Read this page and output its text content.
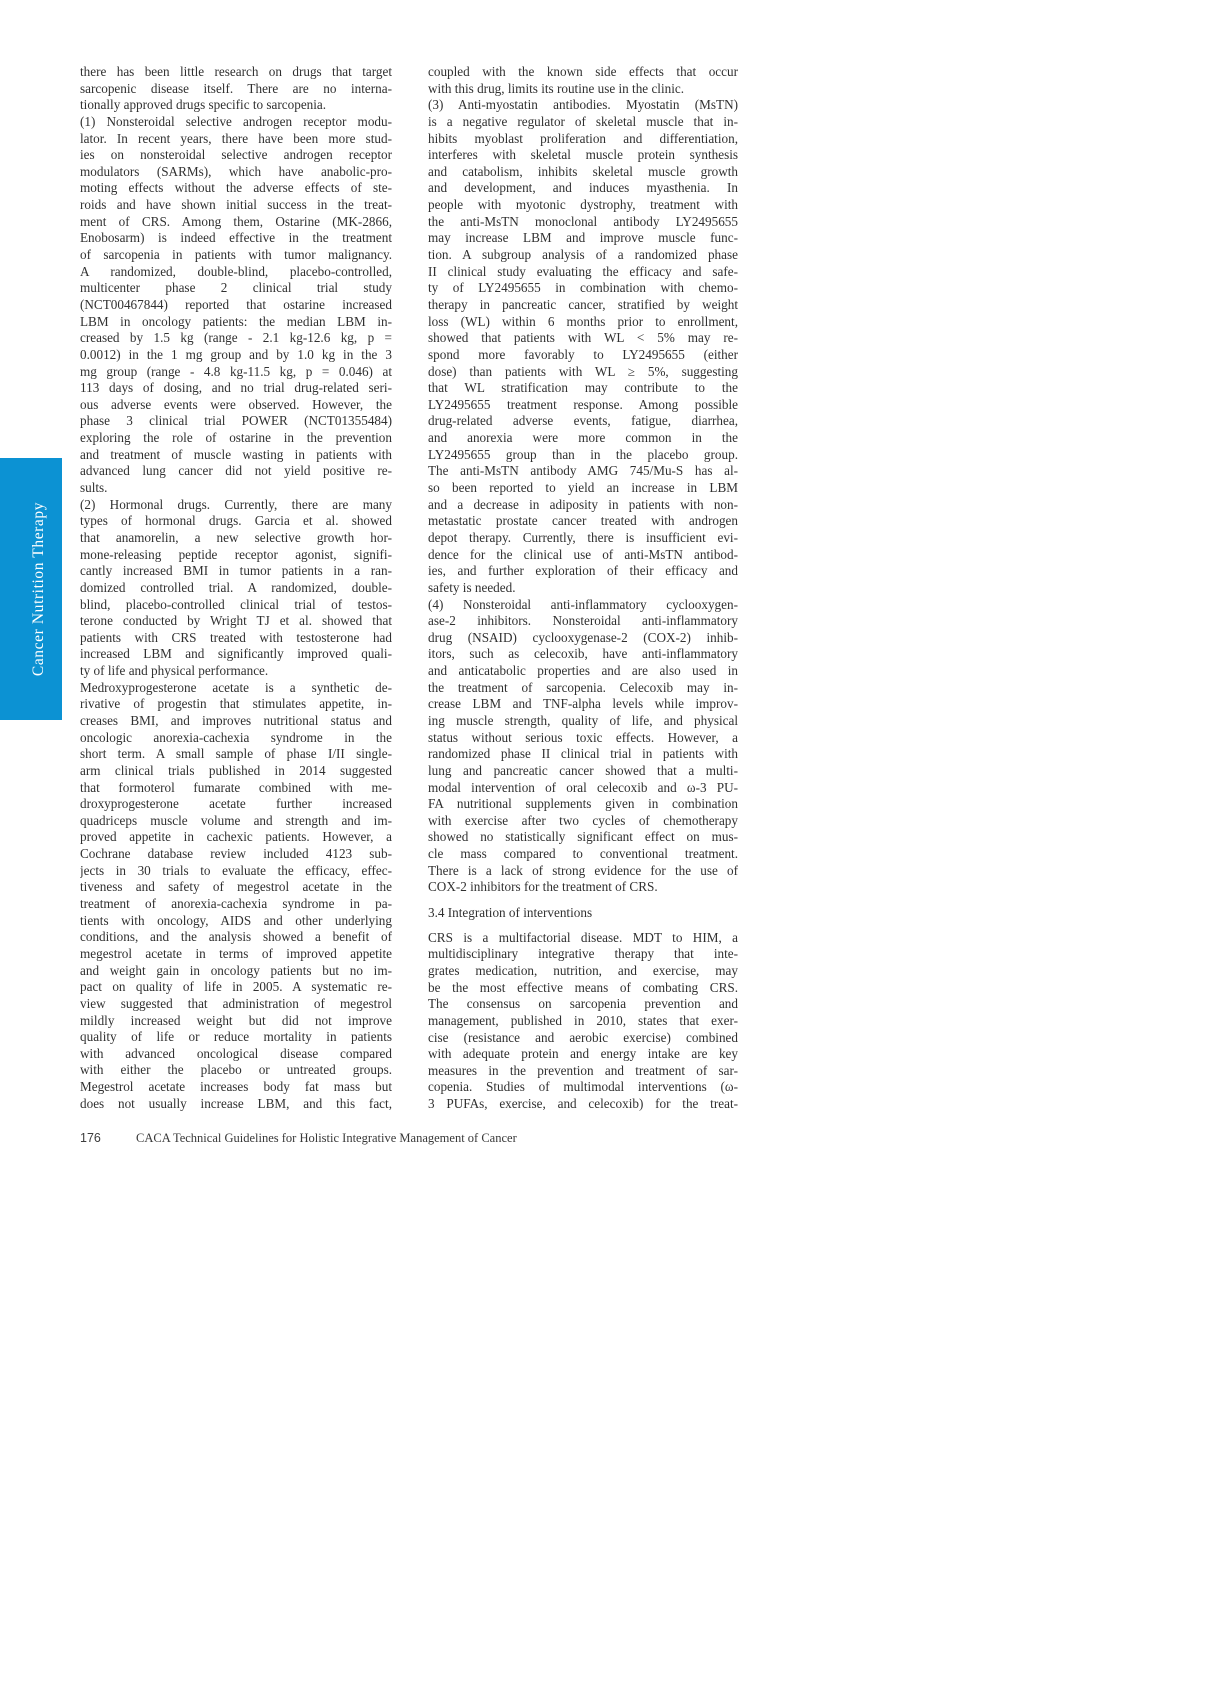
Cancer Nutrition Therapy
there has been little research on drugs that target
sarcopenic disease itself. There are no interna-
tionally approved drugs specific to sarcopenia.
(1) Nonsteroidal selective androgen receptor modu-
lator. In recent years, there have been more stud-
ies on nonsteroidal selective androgen receptor
modulators (SARMs), which have anabolic-pro-
moting effects without the adverse effects of ste-
roids and have shown initial success in the treat-
ment of CRS. Among them, Ostarine (MK-2866,
Enobosarm) is indeed effective in the treatment
of sarcopenia in patients with tumor malignancy.
A randomized, double-blind, placebo-controlled,
multicenter phase 2 clinical trial study
(NCT00467844) reported that ostarine increased
LBM in oncology patients: the median LBM in-
creased by 1.5 kg (range - 2.1 kg-12.6 kg, p =
0.0012) in the 1 mg group and by 1.0 kg in the 3
mg group (range - 4.8 kg-11.5 kg, p = 0.046) at
113 days of dosing, and no trial drug-related seri-
ous adverse events were observed. However, the
phase 3 clinical trial POWER (NCT01355484)
exploring the role of ostarine in the prevention
and treatment of muscle wasting in patients with
advanced lung cancer did not yield positive re-
sults.
(2) Hormonal drugs. Currently, there are many
types of hormonal drugs. Garcia et al. showed
that anamorelin, a new selective growth hor-
mone-releasing peptide receptor agonist, signifi-
cantly increased BMI in tumor patients in a ran-
domized controlled trial. A randomized, double-
blind, placebo-controlled clinical trial of testos-
terone conducted by Wright TJ et al. showed that
patients with CRS treated with testosterone had
increased LBM and significantly improved quali-
ty of life and physical performance.
Medroxyprogesterone acetate is a synthetic de-
rivative of progestin that stimulates appetite, in-
creases BMI, and improves nutritional status and
oncologic anorexia-cachexia syndrome in the
short term. A small sample of phase I/II single-
arm clinical trials published in 2014 suggested
that formoterol fumarate combined with me-
droxyprogesterone acetate further increased
quadriceps muscle volume and strength and im-
proved appetite in cachexic patients. However, a
Cochrane database review included 4123 sub-
jects in 30 trials to evaluate the efficacy, effec-
tiveness and safety of megestrol acetate in the
treatment of anorexia-cachexia syndrome in pa-
tients with oncology, AIDS and other underlying
conditions, and the analysis showed a benefit of
megestrol acetate in terms of improved appetite
and weight gain in oncology patients but no im-
pact on quality of life in 2005. A systematic re-
view suggested that administration of megestrol
mildly increased weight but did not improve
quality of life or reduce mortality in patients
with advanced oncological disease compared
with either the placebo or untreated groups.
Megestrol acetate increases body fat mass but
does not usually increase LBM, and this fact,
coupled with the known side effects that occur
with this drug, limits its routine use in the clinic.
(3) Anti-myostatin antibodies. Myostatin (MsTN)
is a negative regulator of skeletal muscle that in-
hibits myoblast proliferation and differentiation,
interferes with skeletal muscle protein synthesis
and catabolism, inhibits skeletal muscle growth
and development, and induces myasthenia. In
people with myotonic dystrophy, treatment with
the anti-MsTN monoclonal antibody LY2495655
may increase LBM and improve muscle func-
tion. A subgroup analysis of a randomized phase
II clinical study evaluating the efficacy and safe-
ty of LY2495655 in combination with chemo-
therapy in pancreatic cancer, stratified by weight
loss (WL) within 6 months prior to enrollment,
showed that patients with WL < 5% may re-
spond more favorably to LY2495655 (either
dose) than patients with WL ≥ 5%, suggesting
that WL stratification may contribute to the
LY2495655 treatment response. Among possible
drug-related adverse events, fatigue, diarrhea,
and anorexia were more common in the
LY2495655 group than in the placebo group.
The anti-MsTN antibody AMG 745/Mu-S has al-
so been reported to yield an increase in LBM
and a decrease in adiposity in patients with non-
metastatic prostate cancer treated with androgen
depot therapy. Currently, there is insufficient evi-
dence for the clinical use of anti-MsTN antibod-
ies, and further exploration of their efficacy and
safety is needed.
(4) Nonsteroidal anti-inflammatory cyclooxygen-
ase-2 inhibitors. Nonsteroidal anti-inflammatory
drug (NSAID) cyclooxygenase-2 (COX-2) inhib-
itors, such as celecoxib, have anti-inflammatory
and anticatabolic properties and are also used in
the treatment of sarcopenia. Celecoxib may in-
crease LBM and TNF-alpha levels while improv-
ing muscle strength, quality of life, and physical
status without serious toxic effects. However, a
randomized phase II clinical trial in patients with
lung and pancreatic cancer showed that a multi-
modal intervention of oral celecoxib and ω-3 PU-
FA nutritional supplements given in combination
with exercise after two cycles of chemotherapy
showed no statistically significant effect on mus-
cle mass compared to conventional treatment.
There is a lack of strong evidence for the use of
COX-2 inhibitors for the treatment of CRS.
3.4 Integration of interventions
CRS is a multifactorial disease. MDT to HIM, a
multidisciplinary integrative therapy that inte-
grates medication, nutrition, and exercise, may
be the most effective means of combating CRS.
The consensus on sarcopenia prevention and
management, published in 2010, states that exer-
cise (resistance and aerobic exercise) combined
with adequate protein and energy intake are key
measures in the prevention and treatment of sar-
copenia. Studies of multimodal interventions (ω-
3 PUFAs, exercise, and celecoxib) for the treat-
176	CACA Technical Guidelines for Holistic Integrative Management of Cancer
